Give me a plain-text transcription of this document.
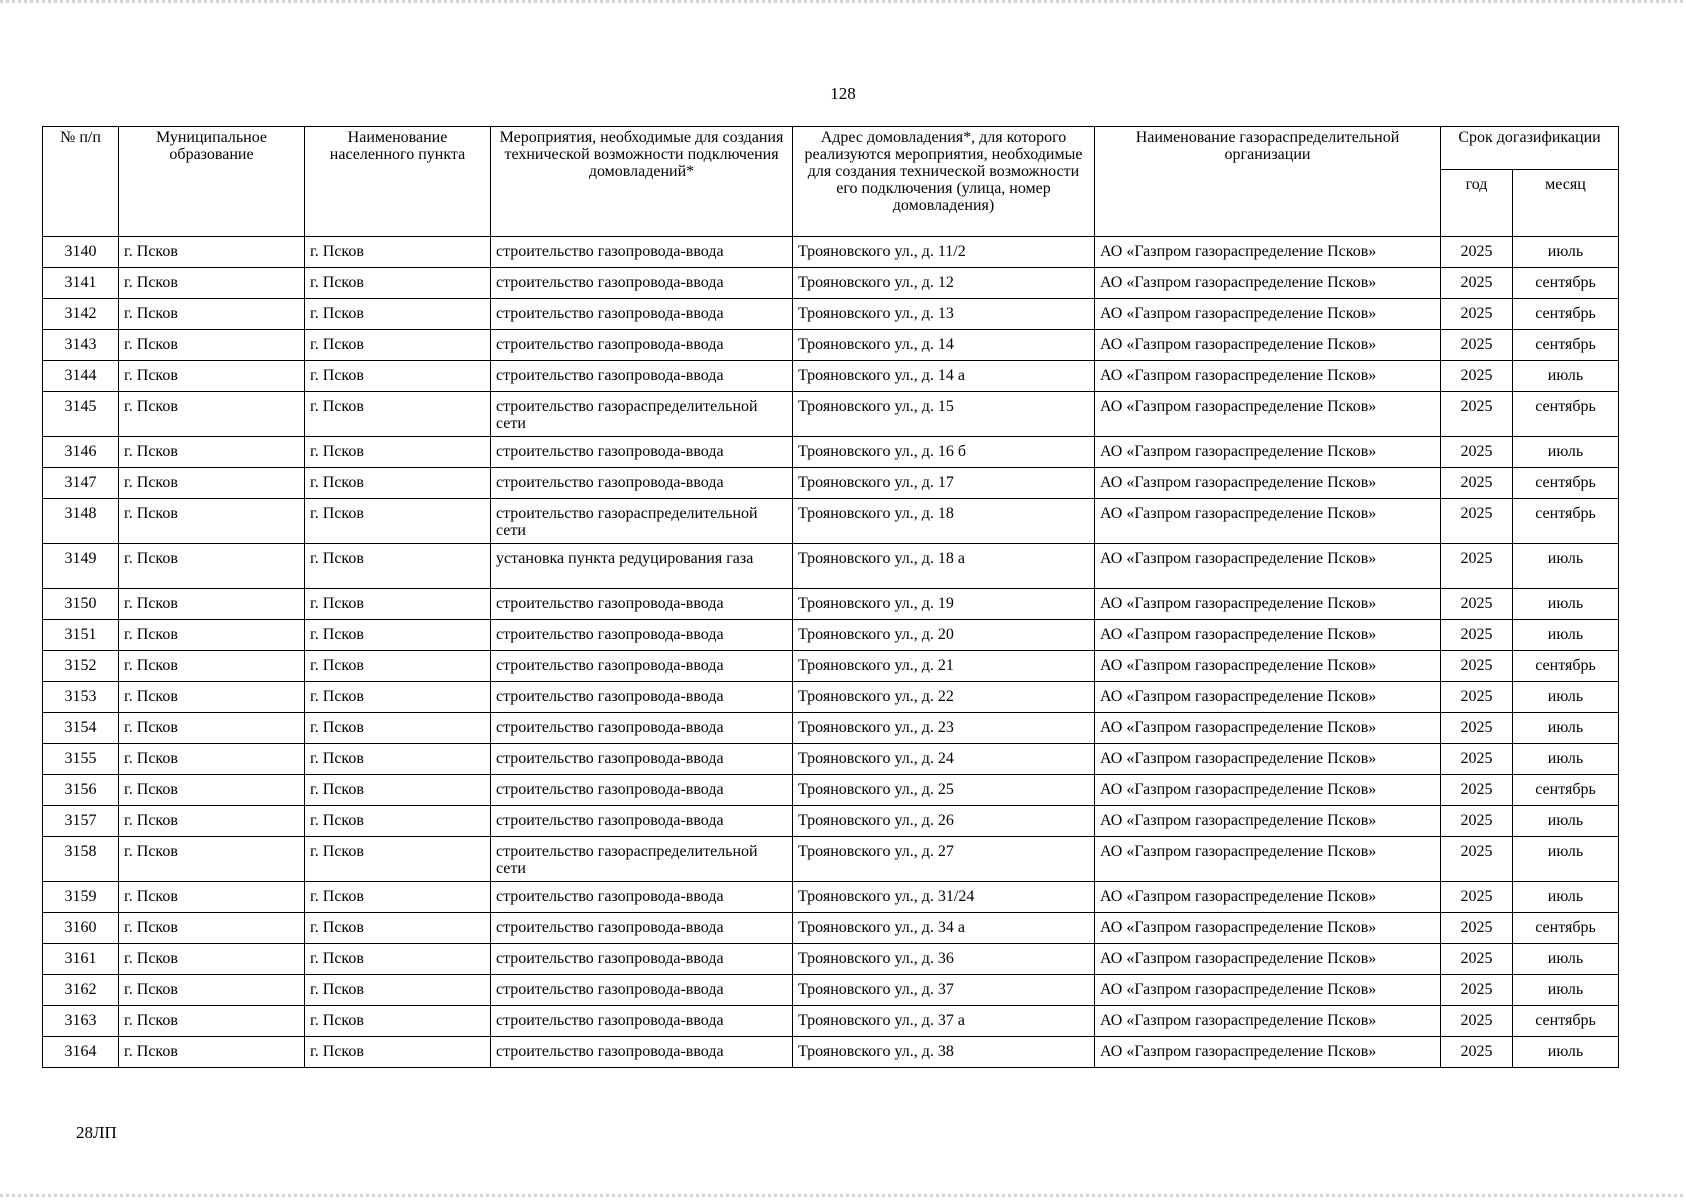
128
№ п/п	Муниципальное образование	Наименование населенного пункта	Мероприятия, необходимые для создания технической возможности подключения домовладений*	Адрес домовладения*, для которого реализуются мероприятия, необходимые для создания технической возможности его подключения (улица, номер домовладения)	Наименование газораспределительной организации	Срок догазификации	
						год	месяц
3140	г. Псков	г. Псков	строительство газопровода-ввода	Трояновского ул., д. 11/2	АО «Газпром газораспределение Псков»	2025	июль
3141	г. Псков	г. Псков	строительство газопровода-ввода	Трояновского ул., д. 12	АО «Газпром газораспределение Псков»	2025	сентябрь
3142	г. Псков	г. Псков	строительство газопровода-ввода	Трояновского ул., д. 13	АО «Газпром газораспределение Псков»	2025	сентябрь
3143	г. Псков	г. Псков	строительство газопровода-ввода	Трояновского ул., д. 14	АО «Газпром газораспределение Псков»	2025	сентябрь
3144	г. Псков	г. Псков	строительство газопровода-ввода	Трояновского ул., д. 14 а	АО «Газпром газораспределение Псков»	2025	июль
3145	г. Псков	г. Псков	строительство газораспределительной сети	Трояновского ул., д. 15	АО «Газпром газораспределение Псков»	2025	сентябрь
3146	г. Псков	г. Псков	строительство газопровода-ввода	Трояновского ул., д. 16 б	АО «Газпром газораспределение Псков»	2025	июль
3147	г. Псков	г. Псков	строительство газопровода-ввода	Трояновского ул., д. 17	АО «Газпром газораспределение Псков»	2025	сентябрь
3148	г. Псков	г. Псков	строительство газораспределительной сети	Трояновского ул., д. 18	АО «Газпром газораспределение Псков»	2025	сентябрь
3149	г. Псков	г. Псков	установка пункта редуцирования газа	Трояновского ул., д. 18 а	АО «Газпром газораспределение Псков»	2025	июль
3150	г. Псков	г. Псков	строительство газопровода-ввода	Трояновского ул., д. 19	АО «Газпром газораспределение Псков»	2025	июль
3151	г. Псков	г. Псков	строительство газопровода-ввода	Трояновского ул., д. 20	АО «Газпром газораспределение Псков»	2025	июль
3152	г. Псков	г. Псков	строительство газопровода-ввода	Трояновского ул., д. 21	АО «Газпром газораспределение Псков»	2025	сентябрь
3153	г. Псков	г. Псков	строительство газопровода-ввода	Трояновского ул., д. 22	АО «Газпром газораспределение Псков»	2025	июль
3154	г. Псков	г. Псков	строительство газопровода-ввода	Трояновского ул., д. 23	АО «Газпром газораспределение Псков»	2025	июль
3155	г. Псков	г. Псков	строительство газопровода-ввода	Трояновского ул., д. 24	АО «Газпром газораспределение Псков»	2025	июль
3156	г. Псков	г. Псков	строительство газопровода-ввода	Трояновского ул., д. 25	АО «Газпром газораспределение Псков»	2025	сентябрь
3157	г. Псков	г. Псков	строительство газопровода-ввода	Трояновского ул., д. 26	АО «Газпром газораспределение Псков»	2025	июль
3158	г. Псков	г. Псков	строительство газораспределительной сети	Трояновского ул., д. 27	АО «Газпром газораспределение Псков»	2025	июль
3159	г. Псков	г. Псков	строительство газопровода-ввода	Трояновского ул., д. 31/24	АО «Газпром газораспределение Псков»	2025	июль
3160	г. Псков	г. Псков	строительство газопровода-ввода	Трояновского ул., д. 34 а	АО «Газпром газораспределение Псков»	2025	сентябрь
3161	г. Псков	г. Псков	строительство газопровода-ввода	Трояновского ул., д. 36	АО «Газпром газораспределение Псков»	2025	июль
3162	г. Псков	г. Псков	строительство газопровода-ввода	Трояновского ул., д. 37	АО «Газпром газораспределение Псков»	2025	июль
3163	г. Псков	г. Псков	строительство газопровода-ввода	Трояновского ул., д. 37 а	АО «Газпром газораспределение Псков»	2025	сентябрь
3164	г. Псков	г. Псков	строительство газопровода-ввода	Трояновского ул., д. 38	АО «Газпром газораспределение Псков»	2025	июль
28ЛП
